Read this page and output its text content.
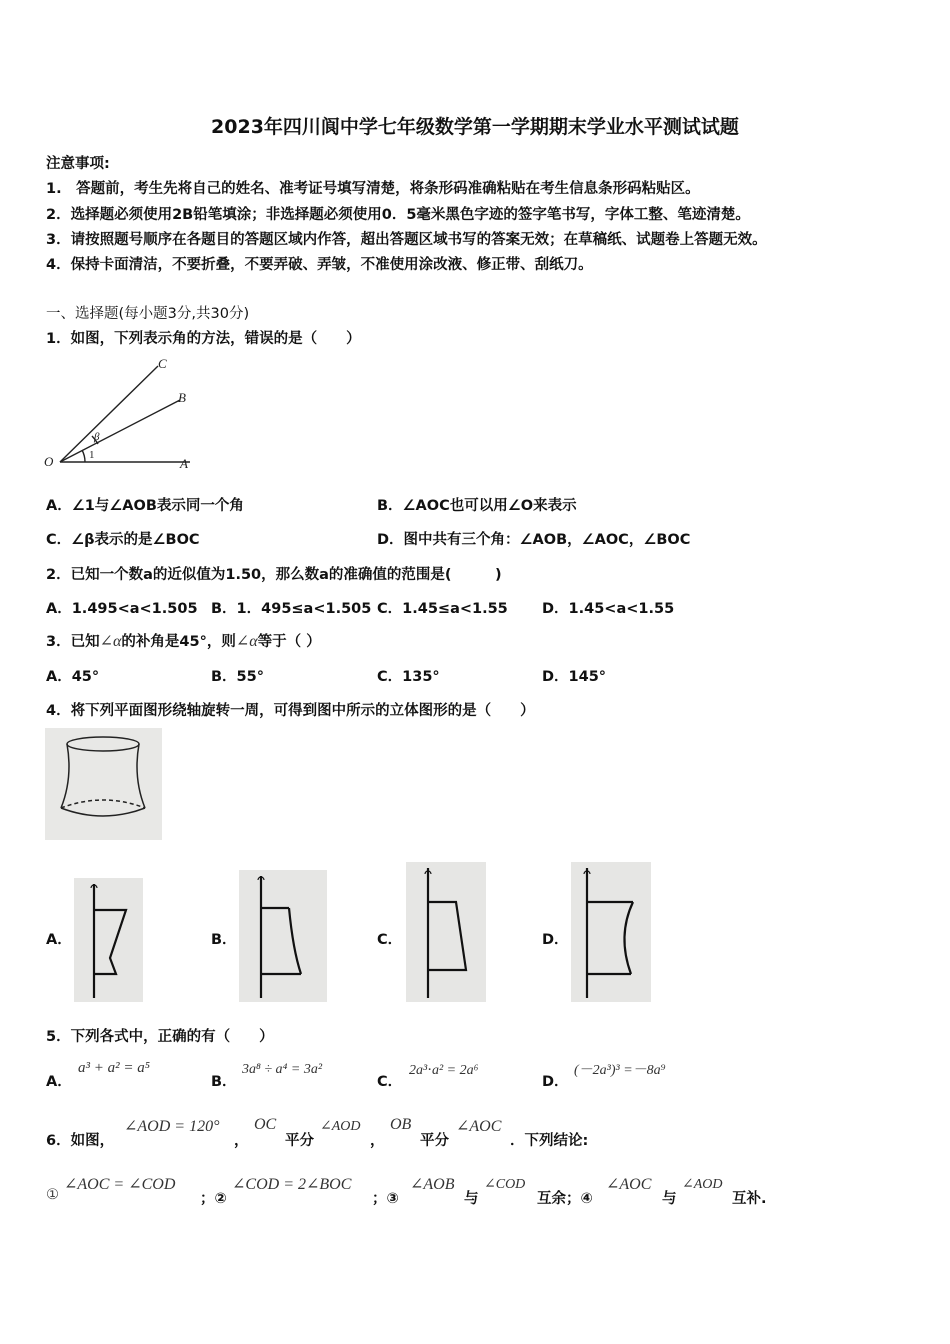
2023年四川阆中学七年级数学第一学期期末学业水平测试试题
注意事项:
1.　答题前，考生先将自己的姓名、准考证号填写清楚，将条形码准确粘贴在考生信息条形码粘贴区。
2．选择题必须使用2B铅笔填涂；非选择题必须使用0．5毫米黑色字迹的签字笔书写，字体工整、笔迹清楚。
3．请按照题号顺序在各题目的答题区域内作答，超出答题区域书写的答案无效；在草稿纸、试题卷上答题无效。
4．保持卡面清洁，不要折叠，不要弄破、弄皱，不准使用涂改液、修正带、刮纸刀。
一、选择题(每小题3分,共30分)
1．如图，下列表示角的方法，错误的是（　　）
O	A
B
C
β
1
A．∠1与∠AOB表示同一个角	B．∠AOC也可以用∠O来表示
C．∠β表示的是∠BOC	D．图中共有三个角：∠AOB，∠AOC，∠BOC
2．已知一个数a的近似值为1.50，那么数a的准确值的范围是(　　　)
A．1.495<a<1.505 B．1．495≤a<1.505 C．1.45≤a<1.55 D．1.45<a<1.55
3．已知∠α的补角是45°，则∠α等于（ ）
A．45°	B．55°	C．135°	D．145°
4．将下列平面图形绕轴旋转一周，可得到图中所示的立体图形的是（　　）
A．	B．	C．	D．
5．下列各式中，正确的有（　　）
A．
a³ + a² = a⁵
B．
3a⁸ ÷ a⁴ = 3a²
C．
2a³⋅a² = 2a⁶
D．
(－2a³)³ =－8a⁹
6．如图，
∠AOD = 120°
，
OC
平分
∠AOD
，
OB
平分
∠AOC
．下列结论:
①
∠AOC = ∠COD
；②
∠COD = 2∠BOC
；③
∠AOB
与
∠COD
互余；④
∠AOC
与
∠AOD
互补.
